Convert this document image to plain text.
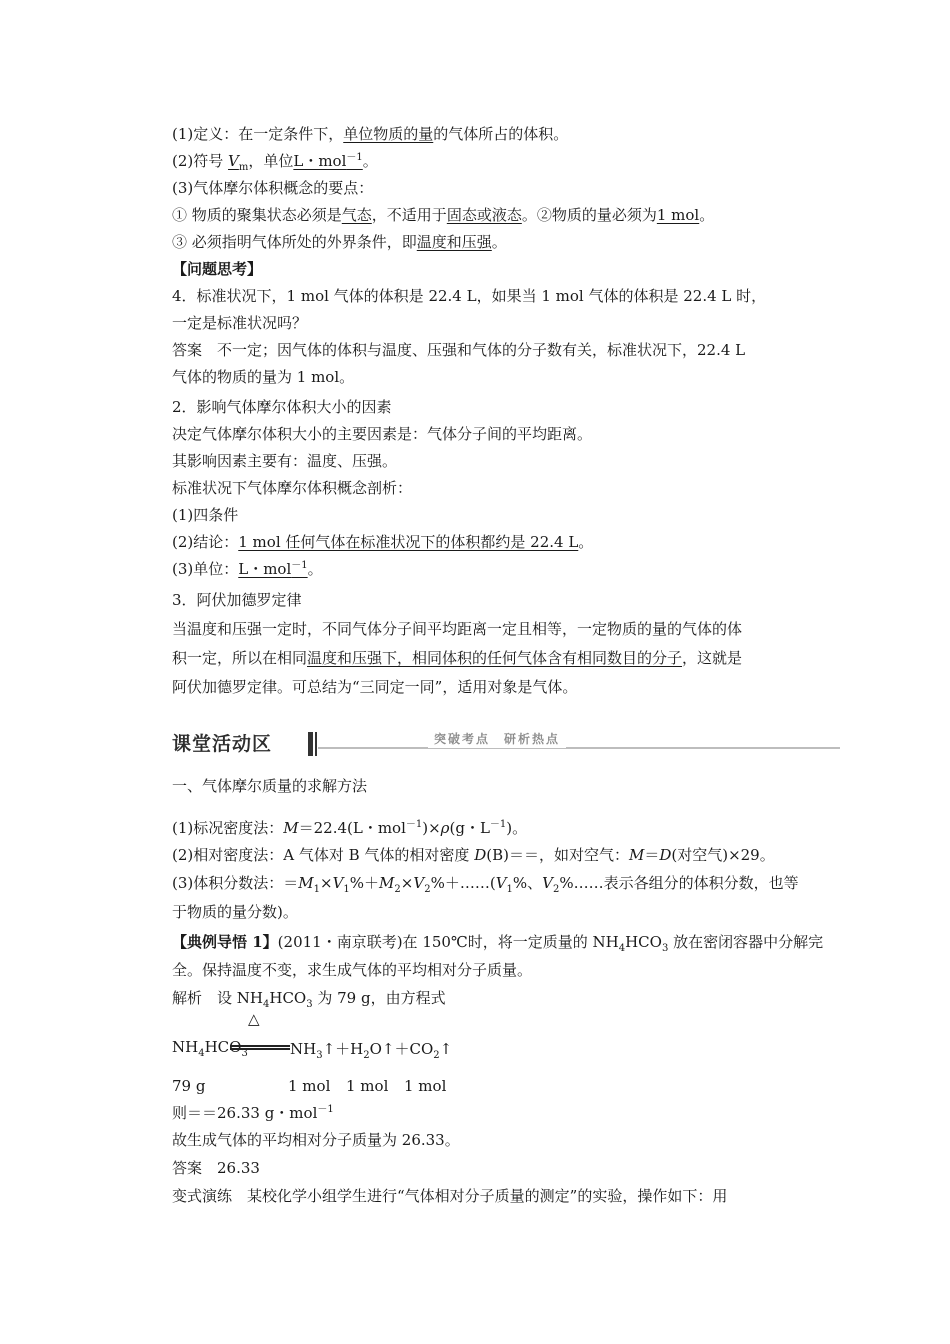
(1)定义：在一定条件下，单位物质的量的气体所占的体积。
(2)符号 $V_m$，单位L・mol$^{-1}$。
(3)气体摩尔体积概念的要点：
① 物质的聚集状态必须是气态，不适用于固态或液态。②物质的量必须为1 mol。
③ 必须指明气体所处的外界条件，即温度和压强。
【问题思考】
4．标准状况下，1 mol 气体的体积是 22.4 L，如果当 1 mol 气体的体积是 22.4 L 时，
一定是标准状况吗？
答案　不一定；因气体的体积与温度、压强和气体的分子数有关，标准状况下，22.4 L
气体的物质的量为 1 mol。
2．影响气体摩尔体积大小的因素
决定气体摩尔体积大小的主要因素是：气体分子间的平均距离。
其影响因素主要有：温度、压强。
标准状况下气体摩尔体积概念剖析：
(1)四条件
(2)结论：1 mol 任何气体在标准状况下的体积都约是 22.4 L。
(3)单位：L・mol$^{-1}$。
3．阿伏加德罗定律
当温度和压强一定时，不同气体分子间平均距离一定且相等，一定物质的量的气体的体
积一定，所以在相同温度和压强下，相同体积的任何气体含有相同数目的分子，这就是
阿伏加德罗定律。可总结为“三同定一同”，适用对象是气体。
课堂活动区	突破考点　研析热点
一、气体摩尔质量的求解方法
(1)标况密度法：M＝22.4(L・mol$^{-1}$)×ρ(g・$L^{-1}$)。
(2)相对密度法：A 气体对 B 气体的相对密度 D(B)＝＝，如对空气：M＝D(对空气)×29。
(3)体积分数法：$=M_1\times V_1\%+M_2\times V_2\%+\dots\dots(V_1\%$、$V_2\%\dots\dots$表示各组分的体积分数，也等
于物质的量分数)。
【典例导悟 1】(2011・南京联考)在 150℃时，将一定质量的 $NH_4HCO_3$ 放在密闭容器中分解完
全。保持温度不变，求生成气体的平均相对分子质量。
解析　设 $NH_4HCO_3$ 为 79 g，由方程式
△
$NH_4HCO_3$	$NH_3↑+H_2O↑+CO_2↑$
79 g	1 mol 1 mol 1 mol
则＝＝26.33 g・mol$^{-1}$
故生成气体的平均相对分子质量为 26.33。
答案　26.33
变式演练　某校化学小组学生进行“气体相对分子质量的测定”的实验，操作如下：用
